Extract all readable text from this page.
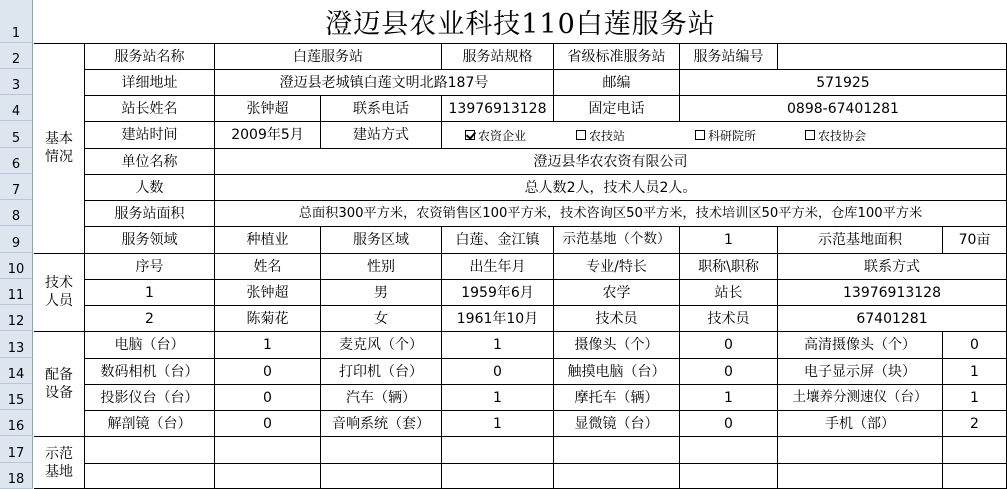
1
2
3
4
5
6
7
8
9
10
11
12
13
14
15
16
17
18
澄迈县农业科技110白莲服务站
基本
情况
技术
人员
配备
设备
示范
基地
服务站名称	白莲服务站	服务站规格	省级标准服务站	服务站编号
详细地址	澄迈县老城镇白莲文明北路187号	邮编	571925
站长姓名	张钟超	联系电话	13976913128	固定电话	0898-67401281
建站时间	2009年5月	建站方式	农资企业	农技站	科研院所	农技协会
单位名称	澄迈县华农农资有限公司
人数	总人数2人，技术人员2人。
服务站面积	总面积300平方米，农资销售区100平方米，技术咨询区50平方米，技术培训区50平方米，仓库100平方米
服务领域	种植业	服务区域	白莲、金江镇	示范基地（个数）	1	示范基地面积	70亩
序号	姓名	性别	出生年月	专业/特长	职称\职称	联系方式
1	张钟超	男	1959年6月	农学	站长	13976913128
2	陈菊花	女	1961年10月	技术员	技术员	67401281
电脑（台）	1	麦克风（个）	1	摄像头（个）	0	高清摄像头（个）	0
数码相机（台）	0	打印机（台）	0	触摸电脑（台）	0	电子显示屏（块）	1
投影仪台（台）	0	汽车（辆）	1	摩托车（辆）	1	土壤养分测速仪（台）	1
解剖镜（台）	0	音响系统（套）	1	显微镜（台）	0	手机（部）	2
